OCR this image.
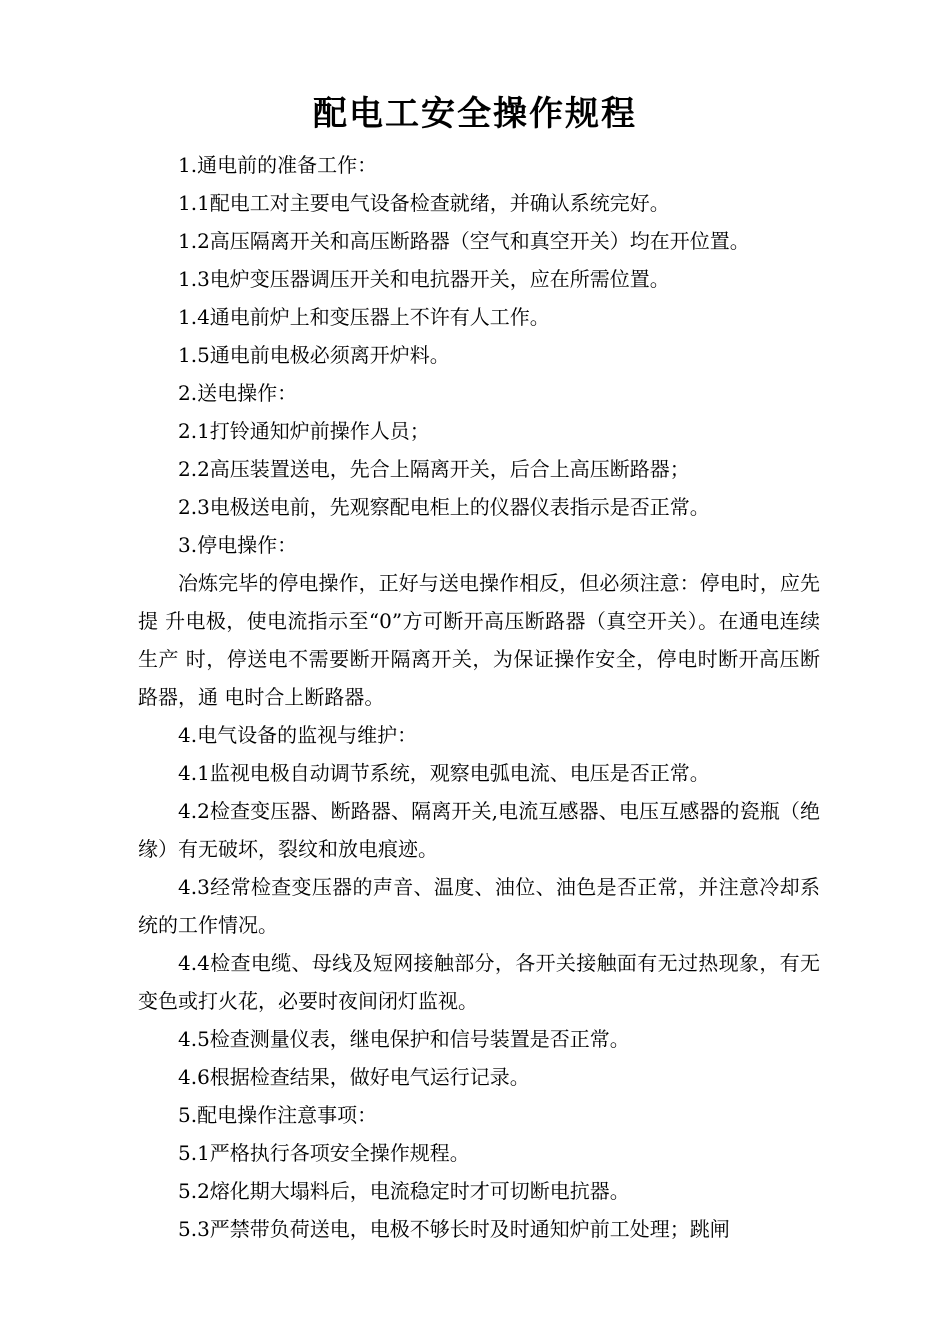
配电工安全操作规程

1.通电前的准备工作：

1.1配电工对主要电气设备检查就绪，并确认系统完好。

1.2高压隔离开关和高压断路器（空气和真空开关）均在开位置。

1.3电炉变压器调压开关和电抗器开关，应在所需位置。

1.4通电前炉上和变压器上不许有人工作。

1.5通电前电极必须离开炉料。

2.送电操作：

2.1打铃通知炉前操作人员；

2.2高压装置送电，先合上隔离开关，后合上高压断路器；

2.3电极送电前，先观察配电柜上的仪器仪表指示是否正常。

3.停电操作：

冶炼完毕的停电操作，正好与送电操作相反，但必须注意：停电时，应先提 升电极，使电流指示至“0”方可断开高压断路器（真空开关）。在通电连续生产 时，停送电不需要断开隔离开关，为保证操作安全，停电时断开高压断路器，通 电时合上断路器。

4.电气设备的监视与维护：

4.1监视电极自动调节系统，观察电弧电流、电压是否正常。

4.2检查变压器、断路器、隔离开关,电流互感器、电压互感器的瓷瓶（绝缘）有无破坏，裂纹和放电痕迹。

4.3经常检查变压器的声音、温度、油位、油色是否正常，并注意冷却系统的工作情况。

4.4检查电缆、母线及短网接触部分，各开关接触面有无过热现象，有无变色或打火花，必要时夜间闭灯监视。

4.5检查测量仪表，继电保护和信号装置是否正常。

4.6根据检查结果，做好电气运行记录。

5.配电操作注意事项：

5.1严格执行各项安全操作规程。

5.2熔化期大塌料后，电流稳定时才可切断电抗器。

5.3严禁带负荷送电，电极不够长时及时通知炉前工处理；跳闸
